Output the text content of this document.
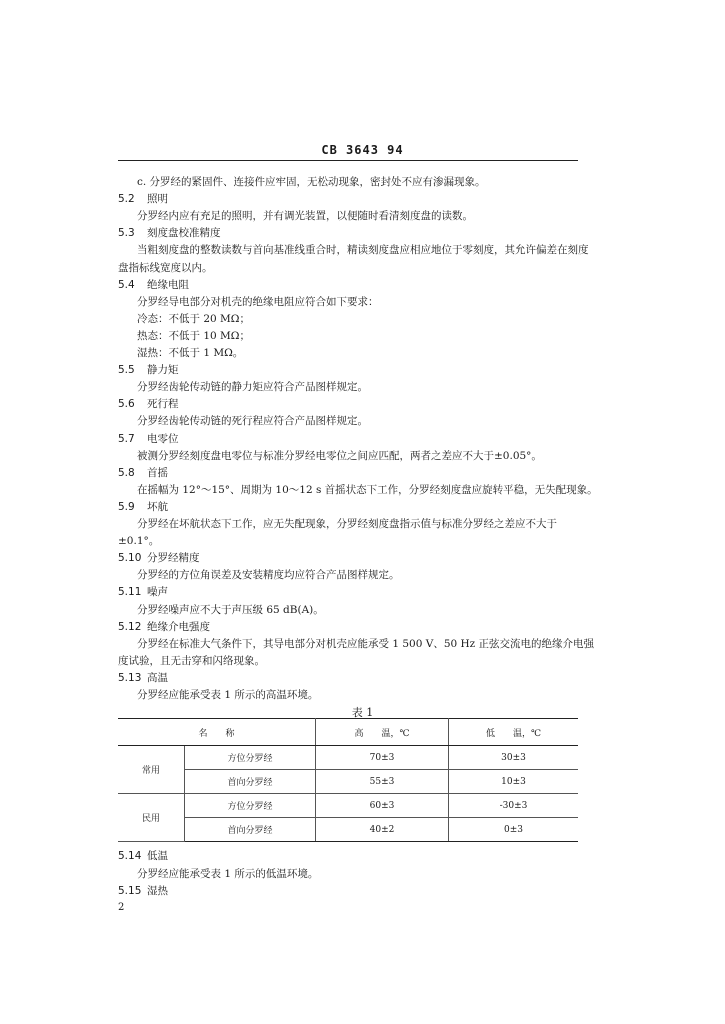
CB 3643 94
c. 分罗经的紧固件、连接件应牢固，无松动现象，密封处不应有渗漏现象。
5.2 照明
分罗经内应有充足的照明，并有调光装置，以便随时看清刻度盘的读数。
5.3 刻度盘校准精度
当粗刻度盘的整数读数与首向基准线重合时，精读刻度盘应相应地位于零刻度，其允许偏差在刻度
盘指标线宽度以内。
5.4 绝缘电阻
分罗经导电部分对机壳的绝缘电阻应符合如下要求：
冷态：不低于 20 MΩ；
热态：不低于 10 MΩ；
湿热：不低于 1 MΩ。
5.5 静力矩
分罗经齿轮传动链的静力矩应符合产品图样规定。
5.6 死行程
分罗经齿轮传动链的死行程应符合产品图样规定。
5.7 电零位
被测分罗经刻度盘电零位与标准分罗经电零位之间应匹配，两者之差应不大于±0.05°。
5.8 首摇
在摇幅为 12°～15°、周期为 10～12 s 首摇状态下工作，分罗经刻度盘应旋转平稳，无失配现象。
5.9 坏航
分罗经在坏航状态下工作，应无失配现象，分罗经刻度盘指示值与标准分罗经之差应不大于
±0.1°。
5.10 分罗经精度
分罗经的方位角误差及安装精度均应符合产品图样规定。
5.11 噪声
分罗经噪声应不大于声压级 65 dB(A)。
5.12 绝缘介电强度
分罗经在标准大气条件下，其导电部分对机壳应能承受 1 500 V、50 Hz 正弦交流电的绝缘介电强
度试验，且无击穿和闪络现象。
5.13 高温
分罗经应能承受表 1 所示的高温环境。
表 1
名　　称		高　　温，℃	低　　温，℃
常用	方位分罗经	70±3	30±3
	首向分罗经	55±3	10±3
民用	方位分罗经	60±3	-30±3
	首向分罗经	40±2	0±3
5.14 低温
分罗经应能承受表 1 所示的低温环境。
5.15 湿热
2
